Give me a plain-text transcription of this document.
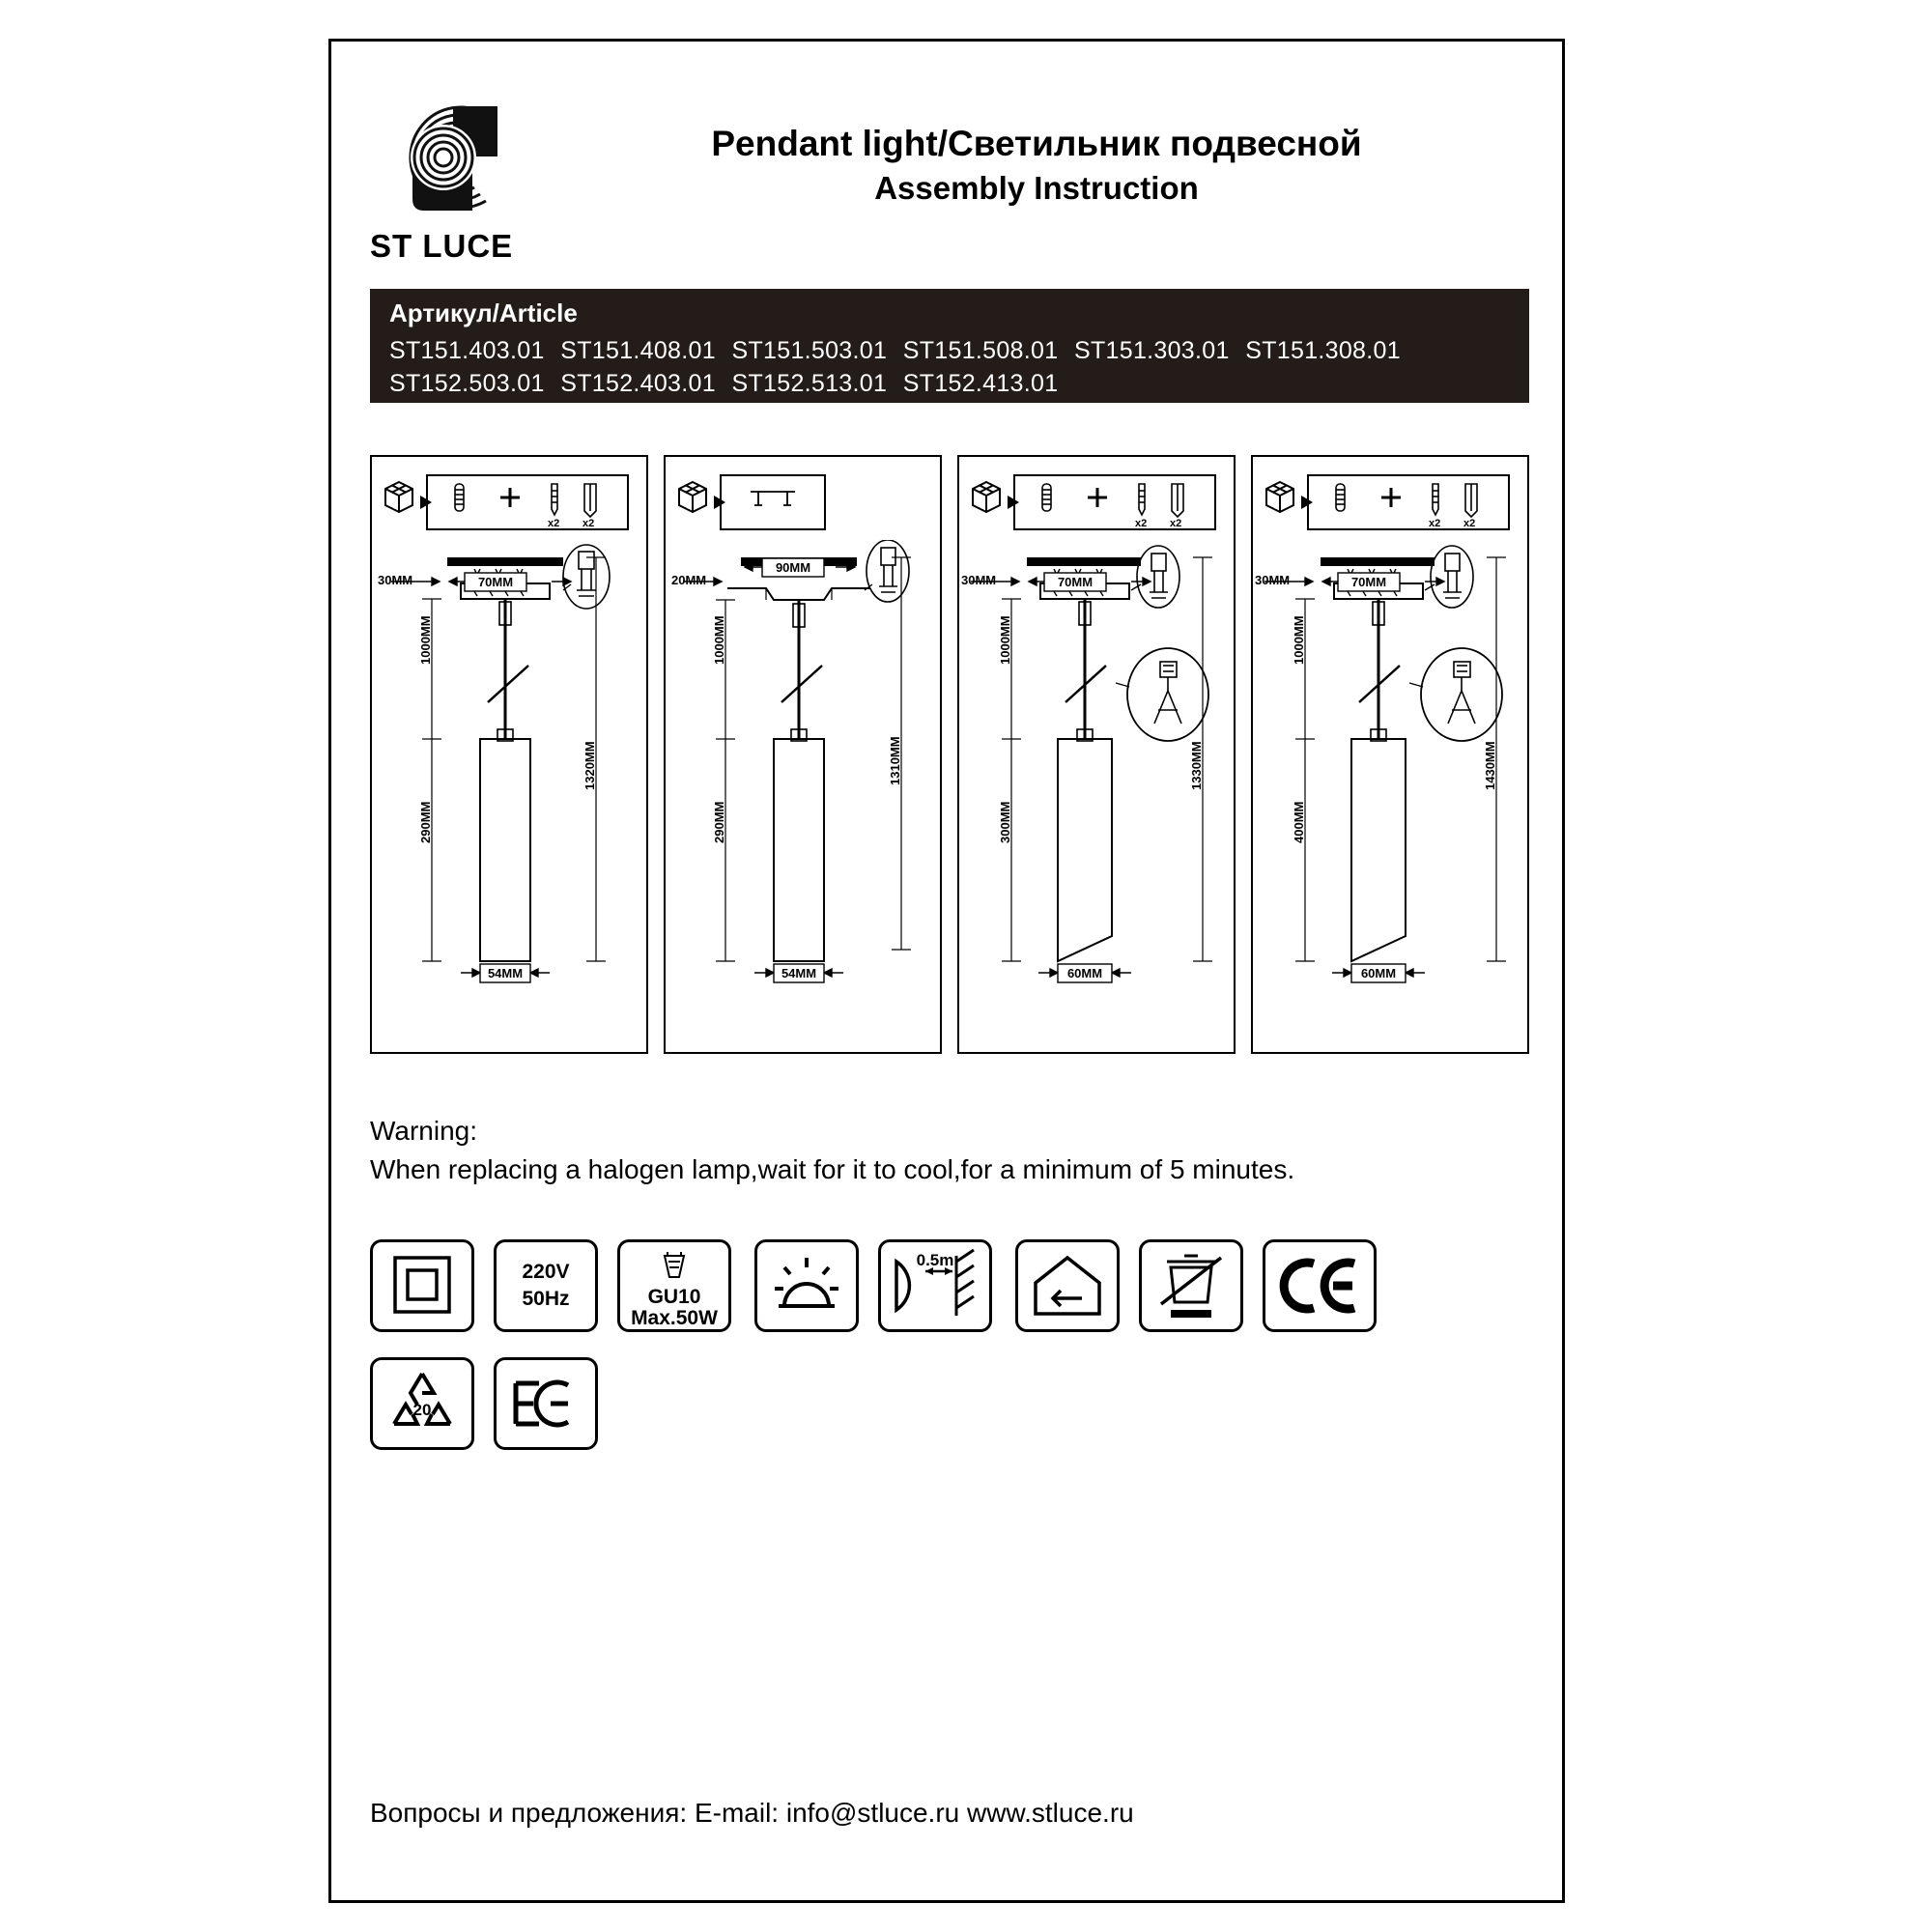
ST LUCE
Pendant light/Светильник подвесной
Assembly Instruction
Артикул/Article
ST151.403.01 ST151.408.01 ST151.503.01 ST151.508.01 ST151.303.01 ST151.308.01
ST152.503.01 ST152.403.01 ST152.513.01 ST152.413.01
x2 x2
70MM
54MM
30MM
1000MM
290MM
1320MM
90MM
54MM
20MM
1000MM
290MM
1310MM
x2 x2
70MM
60MM
30MM
1000MM
300MM
1330MM
x2 x2
70MM
60MM
30MM
1000MM
400MM
1430MM
Warning:
When replacing a halogen lamp,wait for it to cool,for a minimum of 5 minutes.
220V
50Hz	GU10
Max.50W
0.5m
20
Вопросы и предложения: E-mail: info@stluce.ru www.stluce.ru
